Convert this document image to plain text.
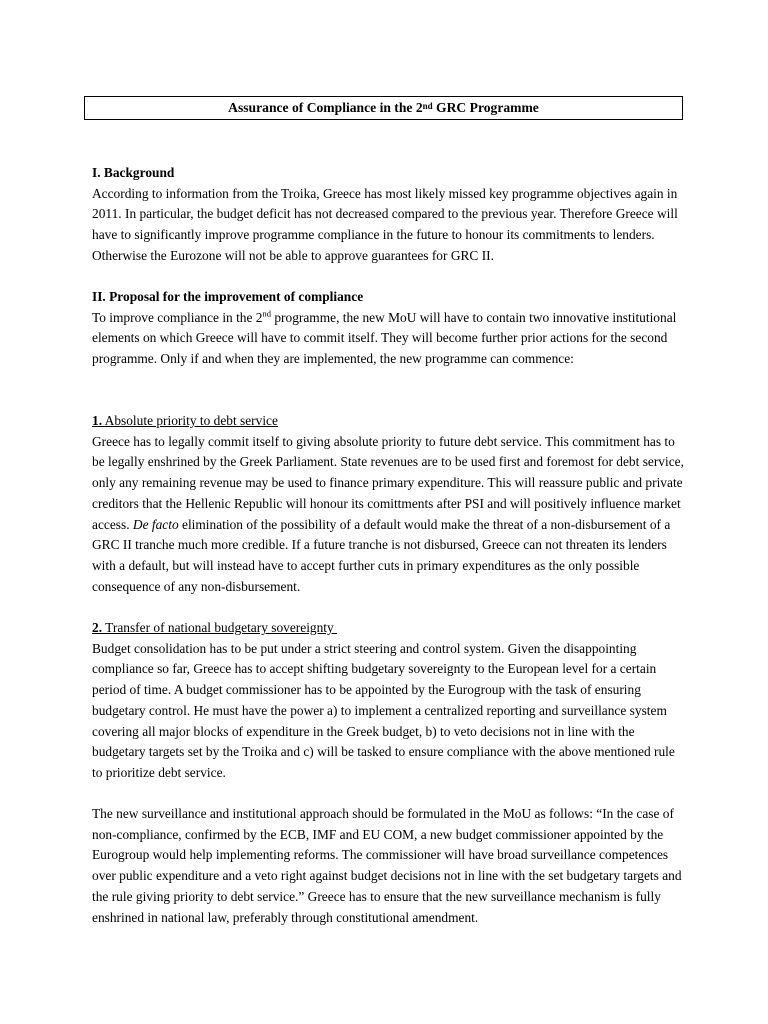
Assurance of Compliance in the 2nd GRC Programme

I. Background

According to information from the Troika, Greece has most likely missed key programme objectives again in 2011. In particular, the budget deficit has not decreased compared to the previous year. Therefore Greece will have to significantly improve programme compliance in the future to honour its commitments to lenders. Otherwise the Eurozone will not be able to approve guarantees for GRC II.

II. Proposal for the improvement of compliance

To improve compliance in the 2nd programme, the new MoU will have to contain two innovative institutional elements on which Greece will have to commit itself. They will become further prior actions for the second programme. Only if and when they are implemented, the new programme can commence:

1. Absolute priority to debt service

Greece has to legally commit itself to giving absolute priority to future debt service. This commitment has to be legally enshrined by the Greek Parliament. State revenues are to be used first and foremost for debt service, only any remaining revenue may be used to finance primary expenditure. This will reassure public and private creditors that the Hellenic Republic will honour its comittments after PSI and will positively influence market access. De facto elimination of the possibility of a default would make the threat of a non-disbursement of a GRC II tranche much more credible. If a future tranche is not disbursed, Greece can not threaten its lenders with a default, but will instead have to accept further cuts in primary expenditures as the only possible consequence of any non-disbursement.

2. Transfer of national budgetary sovereignty

Budget consolidation has to be put under a strict steering and control system. Given the disappointing compliance so far, Greece has to accept shifting budgetary sovereignty to the European level for a certain period of time. A budget commissioner has to be appointed by the Eurogroup with the task of ensuring budgetary control. He must have the power a) to implement a centralized reporting and surveillance system covering all major blocks of expenditure in the Greek budget, b) to veto decisions not in line with the budgetary targets set by the Troika and c) will be tasked to ensure compliance with the above mentioned rule to prioritize debt service.

The new surveillance and institutional approach should be formulated in the MoU as follows: “In the case of non-compliance, confirmed by the ECB, IMF and EU COM, a new budget commissioner appointed by the Eurogroup would help implementing reforms. The commissioner will have broad surveillance competences over public expenditure and a veto right against budget decisions not in line with the set budgetary targets and the rule giving priority to debt service.” Greece has to ensure that the new surveillance mechanism is fully enshrined in national law, preferably through constitutional amendment.
